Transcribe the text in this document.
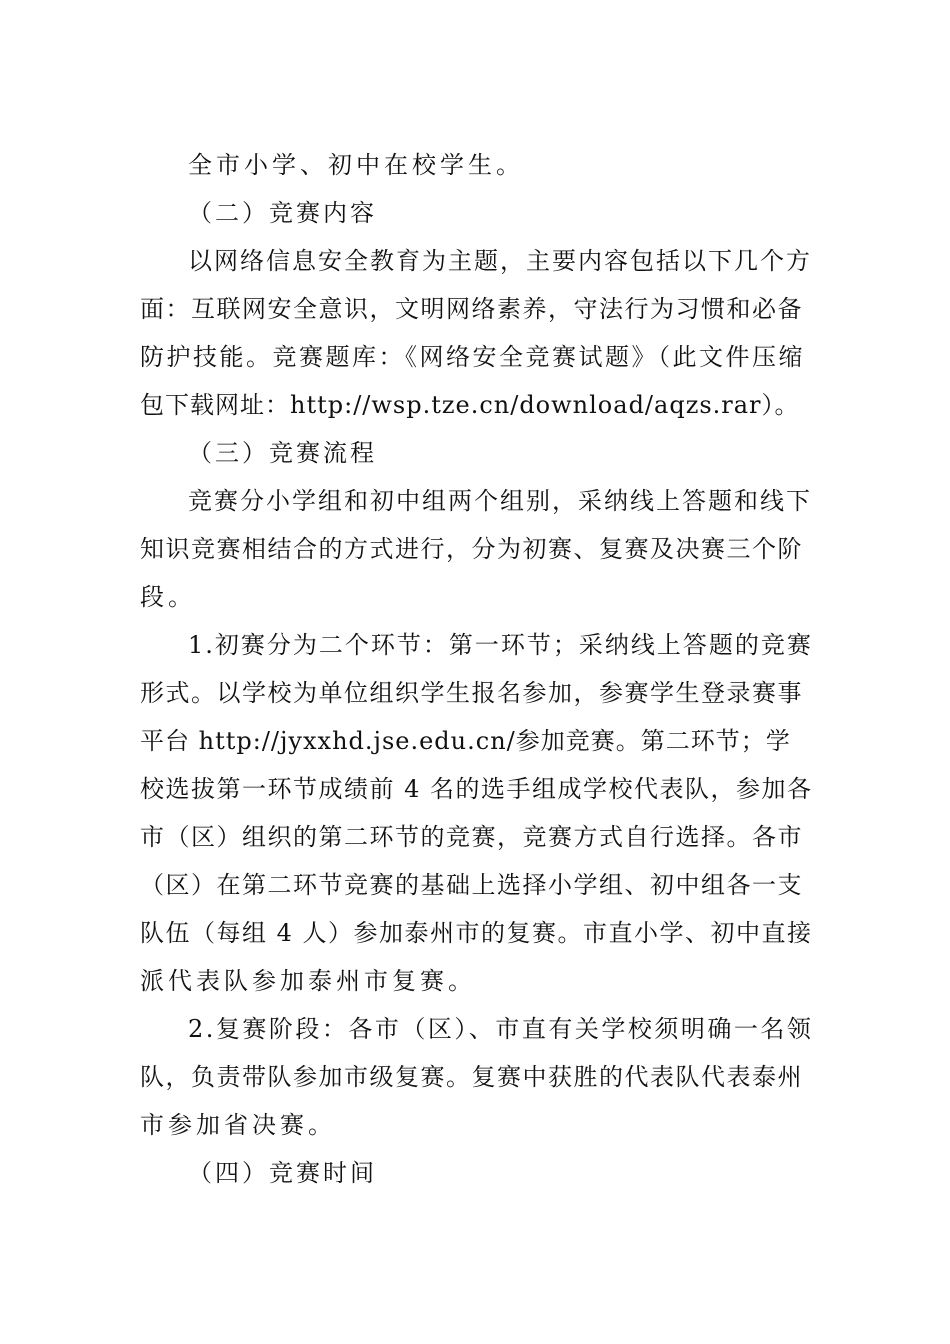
全市小学、初中在校学生。
（二）竞赛内容
以网络信息安全教育为主题，主要内容包括以下几个方
面：互联网安全意识，文明网络素养，守法行为习惯和必备
防护技能。竞赛题库：《网络安全竞赛试题》（此文件压缩
包下载网址：http://wsp.tze.cn/download/aqzs.rar）。
（三）竞赛流程
竞赛分小学组和初中组两个组别，采纳线上答题和线下
知识竞赛相结合的方式进行，分为初赛、复赛及决赛三个阶
段。
1.初赛分为二个环节：第一环节；采纳线上答题的竞赛
形式。以学校为单位组织学生报名参加，参赛学生登录赛事
平台 http://jyxxhd.jse.edu.cn/参加竞赛。第二环节；学
校选拔第一环节成绩前 4 名的选手组成学校代表队，参加各
市（区）组织的第二环节的竞赛，竞赛方式自行选择。各市
（区）在第二环节竞赛的基础上选择小学组、初中组各一支
队伍（每组 4 人）参加泰州市的复赛。市直小学、初中直接
派代表队参加泰州市复赛。
2.复赛阶段：各市（区）、市直有关学校须明确一名领
队，负责带队参加市级复赛。复赛中获胜的代表队代表泰州
市参加省决赛。
（四）竞赛时间
